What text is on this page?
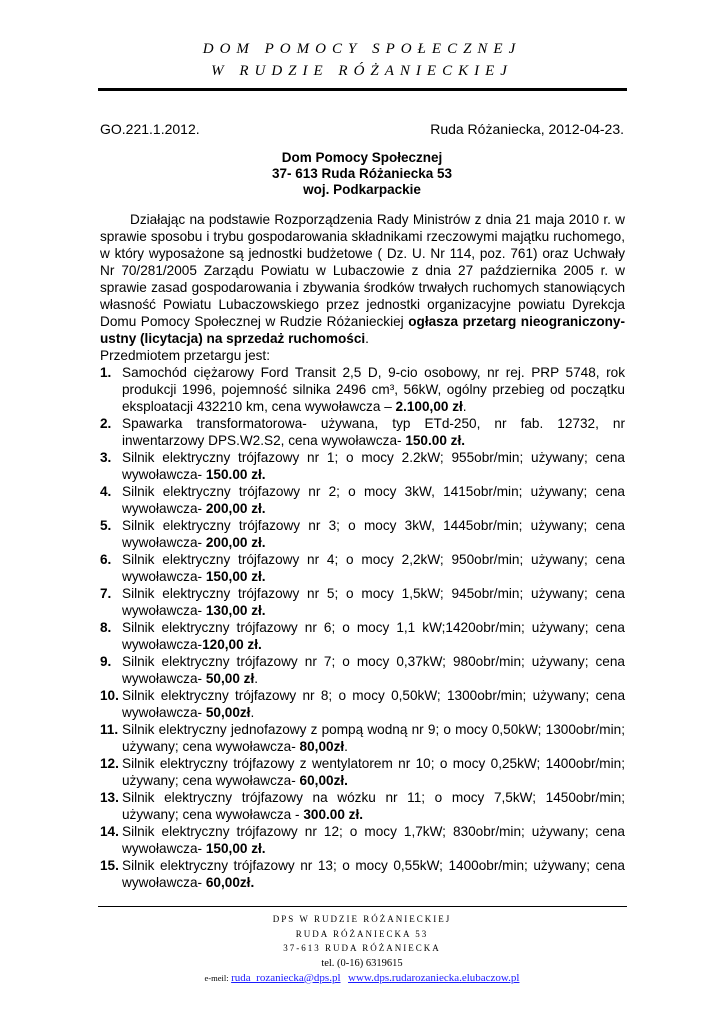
DOM POMOCY SPOŁECZNEJ
W RUDZIE RÓŻANIECKIEJ
GO.221.1.2012.	Ruda Różaniecka, 2012-04-23.
Dom Pomocy Społecznej
37- 613 Ruda Różaniecka 53
woj. Podkarpackie

Działając na podstawie Rozporządzenia Rady Ministrów z dnia 21 maja 2010 r. w sprawie sposobu i trybu gospodarowania składnikami rzeczowymi majątku ruchomego, w który wyposażone są jednostki budżetowe ( Dz. U. Nr 114, poz. 761) oraz Uchwały Nr 70/281/2005 Zarządu Powiatu w Lubaczowie z dnia 27 października 2005 r. w sprawie zasad gospodarowania i zbywania środków trwałych ruchomych stanowiących własność Powiatu Lubaczowskiego przez jednostki organizacyjne powiatu Dyrekcja Domu Pomocy Społecznej w Rudzie Różanieckiej ogłasza przetarg nieograniczony- ustny (licytacja) na sprzedaż ruchomości.

Przedmiotem przetargu jest:

1. Samochód ciężarowy Ford Transit 2,5 D, 9-cio osobowy, nr rej. PRP 5748, rok produkcji 1996, pojemność silnika 2496 cm³, 56kW, ogólny przebieg od początku eksploatacji 432210 km, cena wywoławcza – 2.100,00 zł.
2. Spawarka transformatorowa- używana, typ ETd-250, nr fab. 12732, nr inwentarzowy DPS.W2.S2, cena wywoławcza- 150.00 zł.
3. Silnik elektryczny trójfazowy nr 1; o mocy 2.2kW; 955obr/min; używany; cena wywoławcza- 150.00 zł.
4. Silnik elektryczny trójfazowy nr 2; o mocy 3kW, 1415obr/min; używany; cena wywoławcza- 200,00 zł.
5. Silnik elektryczny trójfazowy nr 3; o mocy 3kW, 1445obr/min; używany; cena wywoławcza- 200,00 zł.
6. Silnik elektryczny trójfazowy nr 4; o mocy 2,2kW; 950obr/min; używany; cena wywoławcza- 150,00 zł.
7. Silnik elektryczny trójfazowy nr 5; o mocy 1,5kW; 945obr/min; używany; cena wywoławcza- 130,00 zł.
8. Silnik elektryczny trójfazowy nr 6; o mocy 1,1 kW;1420obr/min; używany; cena wywoławcza-120,00 zł.
9. Silnik elektryczny trójfazowy nr 7; o mocy 0,37kW; 980obr/min; używany; cena wywoławcza- 50,00 zł.
10. Silnik elektryczny trójfazowy nr 8; o mocy 0,50kW; 1300obr/min; używany; cena wywoławcza- 50,00zł.
11. Silnik elektryczny jednofazowy z pompą wodną nr 9; o mocy 0,50kW; 1300obr/min; używany; cena wywoławcza- 80,00zł.
12. Silnik elektryczny trójfazowy z wentylatorem nr 10; o mocy 0,25kW; 1400obr/min; używany; cena wywoławcza- 60,00zł.
13. Silnik elektryczny trójfazowy na wózku nr 11; o mocy 7,5kW; 1450obr/min; używany; cena wywoławcza - 300.00 zł.
14. Silnik elektryczny trójfazowy nr 12; o mocy 1,7kW; 830obr/min; używany; cena wywoławcza- 150,00 zł.
15. Silnik elektryczny trójfazowy nr 13; o mocy 0,55kW; 1400obr/min; używany; cena wywoławcza- 60,00zł.
DPS W RUDZIE RÓŻANIECKIEJ
RUDA RÓŻANIECKA 53
37-613 RUDA RÓŻANIECKA
tel. (0-16) 6319615
e-meil: ruda_rozaniecka@dps.pl www.dps.rudarozaniecka.elubaczow.pl
